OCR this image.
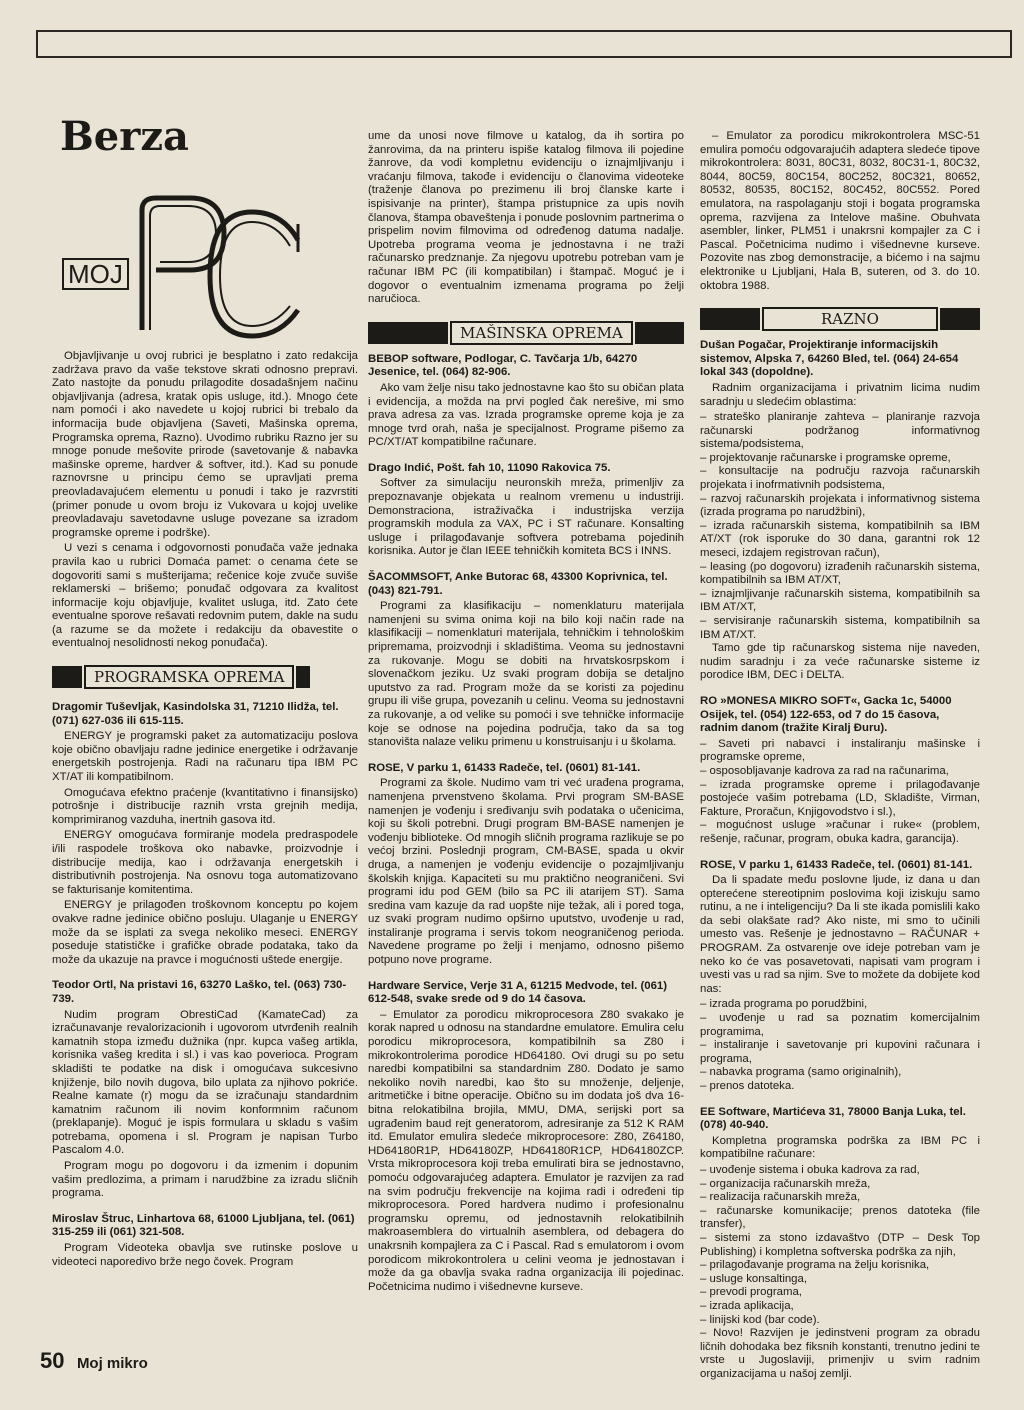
Berza
MOJ

Objavljivanje u ovoj rubrici je besplatno i zato redakcija zadržava pravo da vaše tekstove skrati odnosno prepravi. Zato nastojte da ponudu prilagodite dosadašnjem načinu objavljivanja (adresa, kratak opis usluge, itd.). Mnogo ćete nam pomoći i ako navedete u kojoj rubrici bi trebalo da informacija bude objavljena (Saveti, Mašinska oprema, Programska oprema, Razno). Uvodimo rubriku Razno jer su mnoge ponude mešovite prirode (savetovanje & nabavka mašinske opreme, hardver & softver, itd.). Kad su ponude raznovrsne u principu ćemo se upravljati prema preovladavajućem elementu u ponudi i tako je razvrstiti (primer ponude u ovom broju iz Vukovara u kojoj uvelike preovladavaju savetodavne usluge povezane sa izradom programske opreme i podrške).

U vezi s cenama i odgovornosti ponuđača važe jednaka pravila kao u rubrici Domaća pamet: o cenama ćete se dogovoriti sami s mušterijama; rečenice koje zvuče suviše reklamerski – brišemo; ponuđač odgovara za kvalitost informacije koju objavljuje, kvalitet usluga, itd. Zato ćete eventualne sporove rešavati redovnim putem, dakle na sudu (a razume se da možete i redakciju da obavestite o eventualnoj nesolidnosti nekog ponuđača).

PROGRAMSKA OPREMA

Dragomir Tuševljak, Kasindolska 31, 71210 Ilidža, tel. (071) 627-036 ili 615-115.

ENERGY je programski paket za automatizaciju poslova koje obično obavljaju radne jedinice energetike i održavanje energetskih postrojenja. Radi na računaru tipa IBM PC XT/AT ili kompatibilnom.

Omogućava efektno praćenje (kvantitativno i finansijsko) potrošnje i distribucije raznih vrsta grejnih medija, komprimiranog vazduha, inertnih gasova itd.

ENERGY omogućava formiranje modela predraspodele i/ili raspodele troškova oko nabavke, proizvodnje i distribucije medija, kao i održavanja energetskih i distributivnih postrojenja. Na osnovu toga automatizovano se fakturisanje komitentima.

ENERGY je prilagođen troškovnom konceptu po kojem ovakve radne jedinice obično posluju. Ulaganje u ENERGY može da se isplati za svega nekoliko meseci. ENERGY poseduje statističke i grafičke obrade podataka, tako da može da ukazuje na pravce i mogućnosti uštede energije.

Teodor Ortl, Na pristavi 16, 63270 Laško, tel. (063) 730-739.

Nudim program ObrestiCad (KamateCad) za izračunavanje revalorizacionih i ugovorom utvrđenih realnih kamatnih stopa između dužnika (npr. kupca vašeg artikla, korisnika vašeg kredita i sl.) i vas kao poverioca. Program skladišti te podatke na disk i omogućava sukcesivno knjiženje, bilo novih dugova, bilo uplata za njihovo pokriće. Realne kamate (r) mogu da se izračunaju standardnim kamatnim računom ili novim konformnim računom (preklapanje). Moguć je ispis formulara u skladu s vašim potrebama, opomena i sl. Program je napisan Turbo Pascalom 4.0.

Program mogu po dogovoru i da izmenim i dopunim vašim predlozima, a primam i narudžbine za izradu sličnih programa.

Miroslav Štruc, Linhartova 68, 61000 Ljubljana, tel. (061) 315-259 ili (061) 321-508.

Program Videoteka obavlja sve rutinske poslove u videoteci naporedivo brže nego čovek. Program

ume da unosi nove filmove u katalog, da ih sortira po žanrovima, da na printeru ispiše katalog filmova ili pojedine žanrove, da vodi kompletnu evidenciju o iznajmljivanju i vraćanju filmova, takođe i evidenciju o članovima videoteke (traženje članova po prezimenu ili broj članske karte i ispisivanje na printer), štampa pristupnice za upis novih članova, štampa obaveštenja i ponude poslovnim partnerima o prispelim novim filmovima od određenog datuma nadalje. Upotreba programa veoma je jednostavna i ne traži računarsko predznanje. Za njegovu upotrebu potreban vam je računar IBM PC (ili kompatibilan) i štampač. Moguć je i dogovor o eventualnim izmenama programa po želji naručioca.

MAŠINSKA OPREMA

BEBOP software, Podlogar, C. Tavčarja 1/b, 64270 Jesenice, tel. (064) 82-906.

Ako vam želje nisu tako jednostavne kao što su običan plata i evidencija, a možda na prvi pogled čak nerešive, mi smo prava adresa za vas. Izrada programske opreme koja je za mnoge tvrd orah, naša je specijalnost. Programe pišemo za PC/XT/AT kompatibilne računare.

Drago Indić, Pošt. fah 10, 11090 Rakovica 75.

Softver za simulaciju neuronskih mreža, primenljiv za prepoznavanje objekata u realnom vremenu u industriji. Demonstraciona, istraživačka i industrijska verzija programskih modula za VAX, PC i ST računare. Konsalting usluge i prilagođavanje softvera potrebama pojedinih korisnika. Autor je član IEEE tehničkih komiteta BCS i INNS.

ŠACOMMSOFT, Anke Butorac 68, 43300 Koprivnica, tel. (043) 821-791.

Programi za klasifikaciju – nomenklaturu materijala namenjeni su svima onima koji na bilo koji način rade na klasifikaciji – nomenklaturi materijala, tehničkim i tehnološkim pripremama, proizvodnji i skladištima. Veoma su jednostavni za rukovanje. Mogu se dobiti na hrvatskosrpskom i slovenačkom jeziku. Uz svaki program dobija se detaljno uputstvo za rad. Program može da se koristi za pojedinu grupu ili više grupa, povezanih u celinu. Veoma su jednostavni za rukovanje, a od velike su pomoći i sve tehničke informacije koje se odnose na pojedina područja, tako da sa tog stanovišta nalaze veliku primenu u konstruisanju i u školama.

ROSE, V parku 1, 61433 Radeče, tel. (0601) 81-141.

Programi za škole. Nudimo vam tri već urađena programa, namenjena prvenstveno školama. Prvi program SM-BASE namenjen je vođenju i sređivanju svih podataka o učenicima, koji su školi potrebni. Drugi program BM-BASE namenjen je vođenju biblioteke. Od mnogih sličnih programa razlikuje se po većoj brzini. Poslednji program, CM-BASE, spada u okvir druga, a namenjen je vođenju evidencije o pozajmljivanju školskih knjiga. Kapaciteti su mu praktično neograničeni. Svi programi idu pod GEM (bilo sa PC ili atarijem ST). Sama sredina vam kazuje da rad uopšte nije težak, ali i pored toga, uz svaki program nudimo opširno uputstvo, uvođenje u rad, instaliranje programa i servis tokom neograničenog perioda. Navedene programe po želji i menjamo, odnosno pišemo potpuno nove programe.

Hardware Service, Verje 31 A, 61215 Medvode, tel. (061) 612-548, svake srede od 9 do 14 časova.

– Emulator za porodicu mikroprocesora Z80 svakako je korak napred u odnosu na standardne emulatore. Emulira celu porodicu mikroprocesora, kompatibilnih sa Z80 i mikrokontrolerima porodice HD64180. Ovi drugi su po setu naredbi kompatibilni sa standardnim Z80. Dodato je samo nekoliko novih naredbi, kao što su množenje, deljenje, aritmetičke i bitne operacije. Obično su im dodata još dva 16-bitna relokatibilna brojila, MMU, DMA, serijski port sa ugrađenim baud rejt generatorom, adresiranje za 512 K RAM itd. Emulator emulira sledeće mikroprocesore: Z80, Z64180, HD64180R1P, HD64180ZP, HD64180R1CP, HD64180ZCP. Vrsta mikroprocesora koji treba emulirati bira se jednostavno, pomoću odgovarajućeg adaptera. Emulator je razvijen za rad na svim području frekvencije na kojima radi i određeni tip mikroprocesora. Pored hardvera nudimo i profesionalnu programsku opremu, od jednostavnih relokatibilnih makroasemblera do virtualnih asemblera, od debagera do unakrsnih kompajlera za C i Pascal. Rad s emulatorom i ovom porodicom mikrokontrolera u celini veoma je jednostavan i može da ga obavlja svaka radna organizacija ili pojedinac. Početnicima nudimo i višednevne kurseve.

– Emulator za porodicu mikrokontrolera MSC-51 emulira pomoću odgovarajućih adaptera sledeće tipove mikrokontrolera: 8031, 80C31, 8032, 80C31-1, 80C32, 8044, 80C59, 80C154, 80C252, 80C321, 80652, 80532, 80535, 80C152, 80C452, 80C552. Pored emulatora, na raspolaganju stoji i bogata programska oprema, razvijena za Intelove mašine. Obuhvata asembler, linker, PLM51 i unakrsni kompajler za C i Pascal. Početnicima nudimo i višednevne kurseve. Pozovite nas zbog demonstracije, a bićemo i na sajmu elektronike u Ljubljani, Hala B, suteren, od 3. do 10. oktobra 1988.

RAZNO

Dušan Pogačar, Projektiranje informacijskih sistemov, Alpska 7, 64260 Bled, tel. (064) 24-654 lokal 343 (dopoldne).

Radnim organizacijama i privatnim licima nudim saradnju u sledećim oblastima:

– strateško planiranje zahteva – planiranje razvoja računarski podržanog informativnog sistema/podsistema,
– projektovanje računarske i programske opreme,
– konsultacije na području razvoja računarskih projekata i inofrmativnih podsistema,
– razvoj računarskih projekata i informativnog sistema (izrada programa po narudžbini),
– izrada računarskih sistema, kompatibilnih sa IBM AT/XT (rok isporuke do 30 dana, garantni rok 12 meseci, izdajem registrovan račun),
– leasing (po dogovoru) izrađenih računarskih sistema, kompatibilnih sa IBM AT/XT,
– iznajmljivanje računarskih sistema, kompatibilnih sa IBM AT/XT,
– servisiranje računarskih sistema, kompatibilnih sa IBM AT/XT.

Tamo gde tip računarskog sistema nije naveden, nudim saradnju i za veće računarske sisteme iz porodice IBM, DEC i DELTA.

RO »MONESA MIKRO SOFT«, Gacka 1c, 54000 Osijek, tel. (054) 122-653, od 7 do 15 časova, radnim danom (tražite Kiralj Đuru).

– Saveti pri nabavci i instaliranju mašinske i programske opreme,
– osposobljavanje kadrova za rad na računarima,
– izrada programske opreme i prilagođavanje postojeće vašim potrebama (LD, Skladište, Virman, Fakture, Proračun, Knjigovodstvo i sl.),
– mogućnost usluge »računar i ruke« (problem, rešenje, računar, program, obuka kadra, garancija).

ROSE, V parku 1, 61433 Radeče, tel. (0601) 81-141.

Da li spadate među poslovne ljude, iz dana u dan opterećene stereotipnim poslovima koji iziskuju samo rutinu, a ne i inteligenciju? Da li ste ikada pomislili kako da sebi olakšate rad? Ako niste, mi smo to učinili umesto vas. Rešenje je jednostavno – RAČUNAR + PROGRAM. Za ostvarenje ove ideje potreban vam je neko ko će vas posavetovati, napisati vam program i uvesti vas u rad sa njim. Sve to možete da dobijete kod nas:

– izrada programa po porudžbini,
– uvođenje u rad sa poznatim komercijalnim programima,
– instaliranje i savetovanje pri kupovini računara i programa,
– nabavka programa (samo originalnih),
– prenos datoteka.

EE Software, Martićeva 31, 78000 Banja Luka, tel. (078) 40-940.

Kompletna programska podrška za IBM PC i kompatibilne računare:

– uvođenje sistema i obuka kadrova za rad,
– organizacija računarskih mreža,
– realizacija računarskih mreža,
– računarske komunikacije; prenos datoteka (file transfer),
– sistemi za stono izdavaštvo (DTP – Desk Top Publishing) i kompletna softverska podrška za njih,
– prilagođavanje programa na želju korisnika,
– usluge konsaltinga,
– prevodi programa,
– izrada aplikacija,
– linijski kod (bar code).
– Novo! Razvijen je jedinstveni program za obradu ličnih dohodaka bez fiksnih konstanti, trenutno jedini te vrste u Jugoslaviji, primenjiv u svim radnim organizacijama u našoj zemlji.
50 Moj mikro
